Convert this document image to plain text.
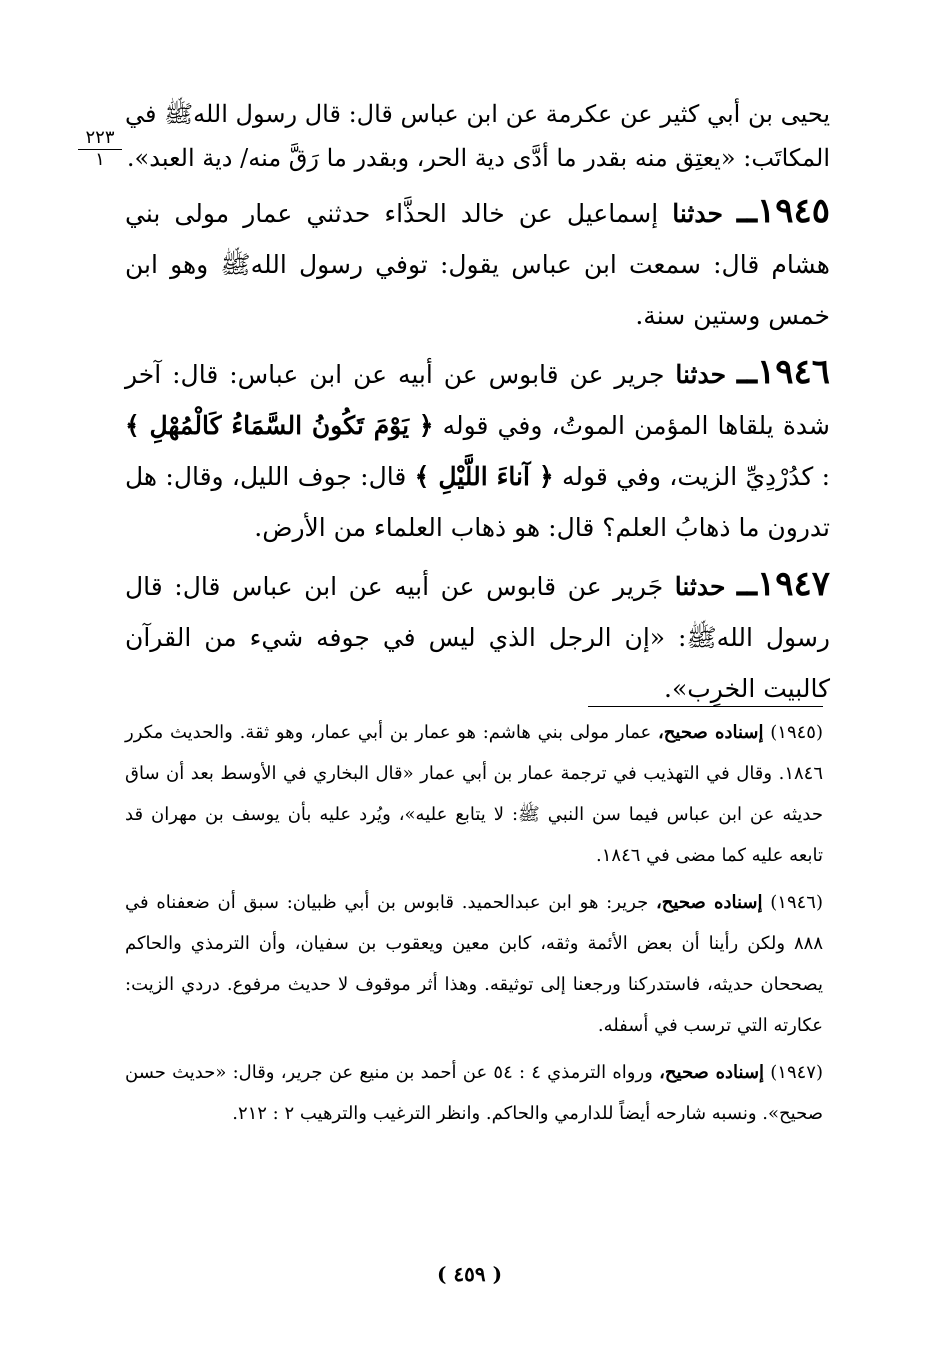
٢٢٣
١

يحيى بن أبي كثير عن عكرمة عن ابن عباس قال: قال رسول اللهﷺ في المكاتَب: «يعتِق منه بقدر ما أدَّى دية الحر، وبقدر ما رَقَّ منه/ دية العبد».

١٩٤٥ــ حدثنا إسماعيل عن خالد الحذَّاء حدثني عمار مولى بني هشام قال: سمعت ابن عباس يقول: توفي رسول اللهﷺ وهو ابن خمس وستين سنة.

١٩٤٦ــ حدثنا جرير عن قابوس عن أبيه عن ابن عباس: قال: آخر شدة يلقاها المؤمن الموتُ، وفي قوله ﴿ يَوْمَ تَكُونُ السَّمَاءُ كَالْمُهْلِ ﴾ : كدُرْدِيِّ الزيت، وفي قوله ﴿ آناءَ اللَّيْلِ ﴾ قال: جوف الليل، وقال: هل تدرون ما ذهابُ العلم؟ قال: هو ذهاب العلماء من الأرض.

١٩٤٧ــ حدثنا جَرير عن قابوس عن أبيه عن ابن عباس قال: قال رسول اللهﷺ: «إن الرجل الذي ليس في جوفه شيء من القرآن كالبيت الخرِب».

(١٩٤٥) إسناده صحيح، عمار مولى بني هاشم: هو عمار بن أبي عمار، وهو ثقة. والحديث مكرر ١٨٤٦. وقال في التهذيب في ترجمة عمار بن أبي عمار «قال البخاري في الأوسط بعد أن ساق حديثه عن ابن عباس فيما سن النبي ﷺ: لا يتابع عليه»، ويُرد عليه بأن يوسف بن مهران قد تابعه عليه كما مضى في ١٨٤٦.

(١٩٤٦) إسناده صحيح، جرير: هو ابن عبدالحميد. قابوس بن أبي ظبيان: سبق أن ضعفناه في ٨٨٨ ولكن رأينا أن بعض الأئمة وثقه، كابن معين ويعقوب بن سفيان، وأن الترمذي والحاكم يصححان حديثه، فاستدركنا ورجعنا إلى توثيقه. وهذا أثر موقوف لا حديث مرفوع. دردي الزيت: عكارته التي ترسب في أسفله.

(١٩٤٧) إسناده صحيح، ورواه الترمذي ٤ : ٥٤ عن أحمد بن منيع عن جرير، وقال: «حديث حسن صحيح». ونسبه شارحه أيضاً للدارمي والحاكم. وانظر الترغيب والترهيب ٢ : ٢١٢.

( ٤٥٩ )
